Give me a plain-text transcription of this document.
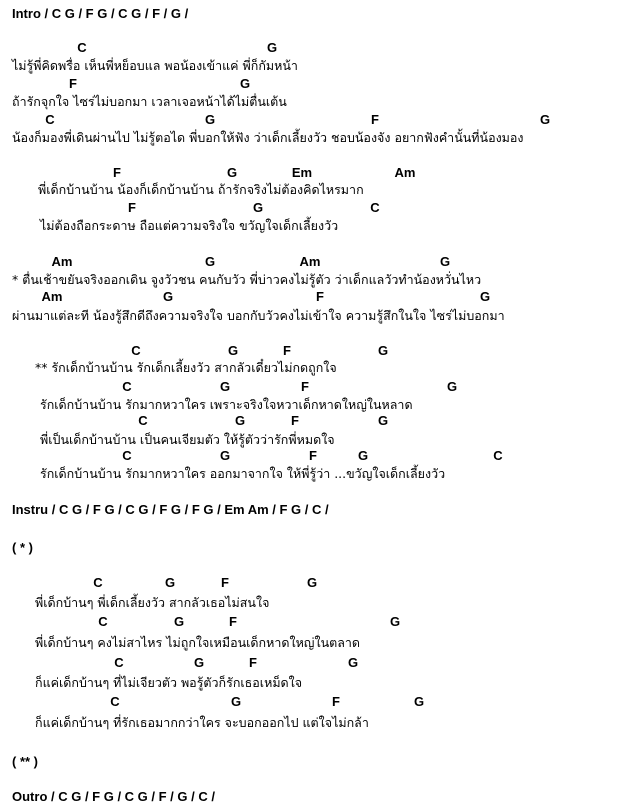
Intro / C G / F G / C G / F / G /
Instru / C G / F G / C G / F G / F G / Em Am / F G / C /
( * )
( ** )
Outro / C G / F G / C G / F / G / C /
C	G
ไม่รู้พี่คิดพรื่อ เห็นพี่หย็อบแล พอน้องเข้าแค่ พี่ก็กัมหน้า
F	G
ถ้ารักจุกใจ ไซร่ไม่บอกมา เวลาเจอหน้าได้ไม่ตื่นเต้น
C	G	F	G
น้องก็มองพี่เดินผ่านไป ไม่รู้ตอได พี่บอกให้ฟัง ว่าเด็กเลี้ยงวัว ชอบน้องจัง อยากฟังคำนั้นที่น้องมอง
F	G	Em	Am
พี่เด็กบ้านบ้าน น้องก็เด็กบ้านบ้าน ถ้ารักจริงไม่ต้องคิดไหรมาก
F	G	C
ไม่ต้องถือกระดาษ ถือแต่ความจริงใจ ขวัญใจเด็กเลี้ยงวัว
Am	G	Am	G
* ตื่นเช้าขยันจริงออกเดิน จูงวัวชน คนกับวัว พี่บ่าวคงไม่รู้ตัว ว่าเด็กแลวัวทำน้องหวั่นไหว
Am	G	F	G
ผ่านมาแต่ละที น้องรู้สึกดีถึงความจริงใจ บอกกับวัวคงไม่เข้าใจ ความรู้สึกในใจ ไซร่ไม่บอกมา
C	G	F	G
** รักเด็กบ้านบ้าน รักเด็กเลี้ยงวัว สากลัวเดี๋ยวไม่กดถูกใจ
C	G	F	G
รักเด็กบ้านบ้าน รักมากหวาใคร เพราะจริงใจหวาเด็กหาดใหญ่ในหลาด
C	G	F	G
พี่เป็นเด็กบ้านบ้าน เป็นคนเจียมตัว ให้รู้ตัวว่ารักพี่หมดใจ
C	G	F	G	C
รักเด็กบ้านบ้าน รักมากหวาใคร ออกมาจากใจ ให้พี่รู้ว่า ...ขวัญใจเด็กเลี้ยงวัว
C	G	F	G
พี่เด็กบ้านๆ พี่เด็กเลี้ยงวัว สากลัวเธอไม่สนใจ
C	G	F	G
พี่เด็กบ้านๆ คงไม่สาไหร ไม่ถูกใจเหมือนเด็กหาดใหญ่ในตลาด
C	G	F	G
ก็แค่เด็กบ้านๆ ที่ไม่เจียวตัว พอรู้ตัวก็รักเธอเหม็ดใจ
C	G	F	G
ก็แค่เด็กบ้านๆ ที่รักเธอมากกว่าใคร จะบอกออกไป แต่ใจไม่กล้า
